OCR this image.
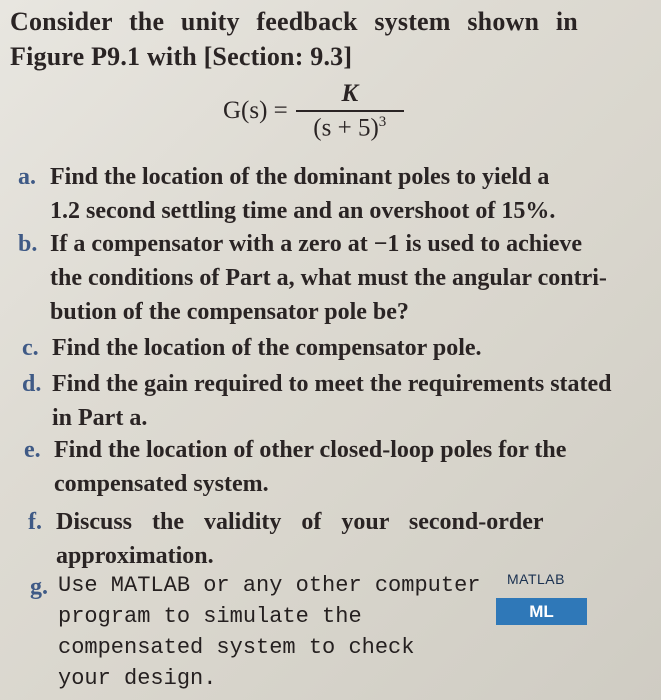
Consider the unity feedback system shown in
Figure P9.1 with [Section: 9.3]
$G(s) = \frac{K}{(s + 5)^3}$
a. Find the location of the dominant poles to yield a
1.2 second settling time and an overshoot of 15%.
b. If a compensator with a zero at −1 is used to achieve
the conditions of Part a, what must the angular contri-
bution of the compensator pole be?
c. Find the location of the compensator pole.
d. Find the gain required to meet the requirements stated
in Part a.
e. Find the location of other closed-loop poles for the
compensated system.
f. Discuss the validity of your second-order
approximation.
g. Use MATLAB or any other computer
program to simulate the
compensated system to check
your design.
MATLAB
ML
